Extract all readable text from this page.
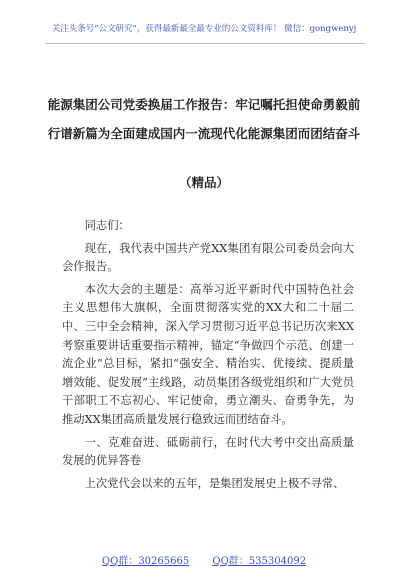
关注头条号“公文研究”，获得最新最全最专业的公文资料库！ 微信：gongwenyj
能源集团公司党委换届工作报告：牢记嘱托担使命勇毅前
行谱新篇为全面建成国内一流现代化能源集团而团结奋斗
（精品）

同志们：

现在，我代表中国共产党XX集团有限公司委员会向大会作报告。

本次大会的主题是：高举习近平新时代中国特色社会主义思想伟大旗帜，全面贯彻落实党的XX大和二十届二中、三中全会精神，深入学习贯彻习近平总书记历次来XX考察重要讲话重要指示精神，锚定“争做四个示范、创建一流企业”总目标，紧扣“强安全、精治实、优接续、提质量增效能、促发展”主线路，动员集团各级党组织和广大党员干部职工不忘初心、牢记使命，勇立潮头、奋勇争先，为推动XX集团高质量发展行稳致远而团结奋斗。

一、克难奋进、砥砺前行，在时代大考中交出高质量发展的优异答卷

上次党代会以来的五年，是集团发展史上极不寻常、

QQ群：30265665 QQ群：535304092
